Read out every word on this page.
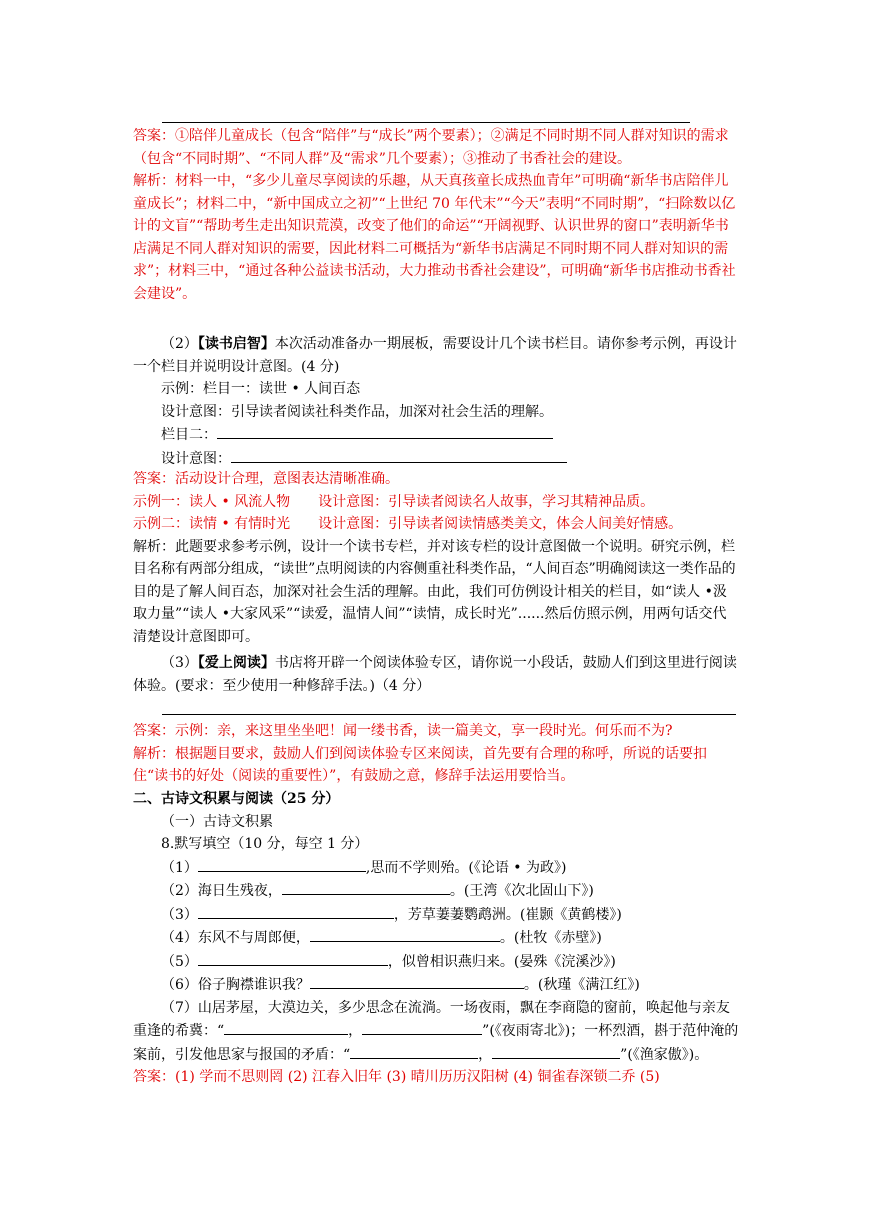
答案：①陪伴儿童成长（包含“陪伴”与“成长”两个要素）；②满足不同时期不同人群对知识的需求（包含“不同时期”、“不同人群”及“需求”几个要素）；③推动了书香社会的建设。

解析：材料一中，“多少儿童尽享阅读的乐趣，从天真孩童长成热血青年”可明确“新华书店陪伴儿童成长”；材料二中，“新中国成立之初”“上世纪 70 年代末”“今天”表明“不同时期”，“扫除数以亿计的文盲”“帮助考生走出知识荒漠，改变了他们的命运”“开阔视野、认识世界的窗口”表明新华书店满足不同人群对知识的需要，因此材料二可概括为“新华书店满足不同时期不同人群对知识的需求”；材料三中，“通过各种公益读书活动，大力推动书香社会建设”，可明确“新华书店推动书香社会建设”。

（2）【读书启智】本次活动准备办一期展板，需要设计几个读书栏目。请你参考示例，再设计一个栏目并说明设计意图。(4 分)

示例：栏目一：读世 • 人间百态

设计意图：引导读者阅读社科类作品，加深对社会生活的理解。

栏目二：

设计意图：

答案：活动设计合理，意图表达清晰准确。

示例一：读人 • 风流人物　　设计意图：引导读者阅读名人故事，学习其精神品质。

示例二：读情 • 有情时光　　设计意图：引导读者阅读情感类美文，体会人间美好情感。

解析：此题要求参考示例，设计一个读书专栏，并对该专栏的设计意图做一个说明。研究示例，栏目名称有两部分组成，“读世”点明阅读的内容侧重社科类作品，“人间百态”明确阅读这一类作品的目的是了解人间百态，加深对社会生活的理解。由此，我们可仿例设计相关的栏目，如“读人 •汲取力量”“读人 •大家风采”“读爱，温情人间”“读情，成长时光”......然后仿照示例，用两句话交代清楚设计意图即可。

（3）【爱上阅读】书店将开辟一个阅读体验专区，请你说一小段话，鼓励人们到这里进行阅读体验。(要求：至少使用一种修辞手法。)（4 分）

答案：示例：亲，来这里坐坐吧！闻一缕书香，读一篇美文，享一段时光。何乐而不为?

解析：根据题目要求，鼓励人们到阅读体验专区来阅读，首先要有合理的称呼，所说的话要扣住“读书的好处（阅读的重要性）”，有鼓励之意，修辞手法运用要恰当。

二、古诗文积累与阅读（25 分）

（一）古诗文积累

8.默写填空（10 分，每空 1 分）

（1）	,思而不学则殆。(《论语 • 为政》)

（2）海日生残夜，	。(王湾《次北固山下》)

（3）	，芳草萋萋鹦鹉洲。(崔颢《黄鹤楼》)

（4）东风不与周郎便，	。(杜牧《赤壁》)

（5）	，似曾相识燕归来。(晏殊《浣溪沙》)

（6）俗子胸襟谁识我？	。(秋瑾《满江红》)

（7）山居茅屋，大漠边关，多少思念在流淌。一场夜雨，飘在李商隐的窗前，唤起他与亲友重逢的希冀：“	，	”(《夜雨寄北》)；一杯烈酒，斟于范仲淹的案前，引发他思家与报国的矛盾：“	，	”(《渔家傲》)。

答案：(1) 学而不思则罔 (2) 江春入旧年 (3) 晴川历历汉阳树 (4) 铜雀春深锁二乔 (5)
